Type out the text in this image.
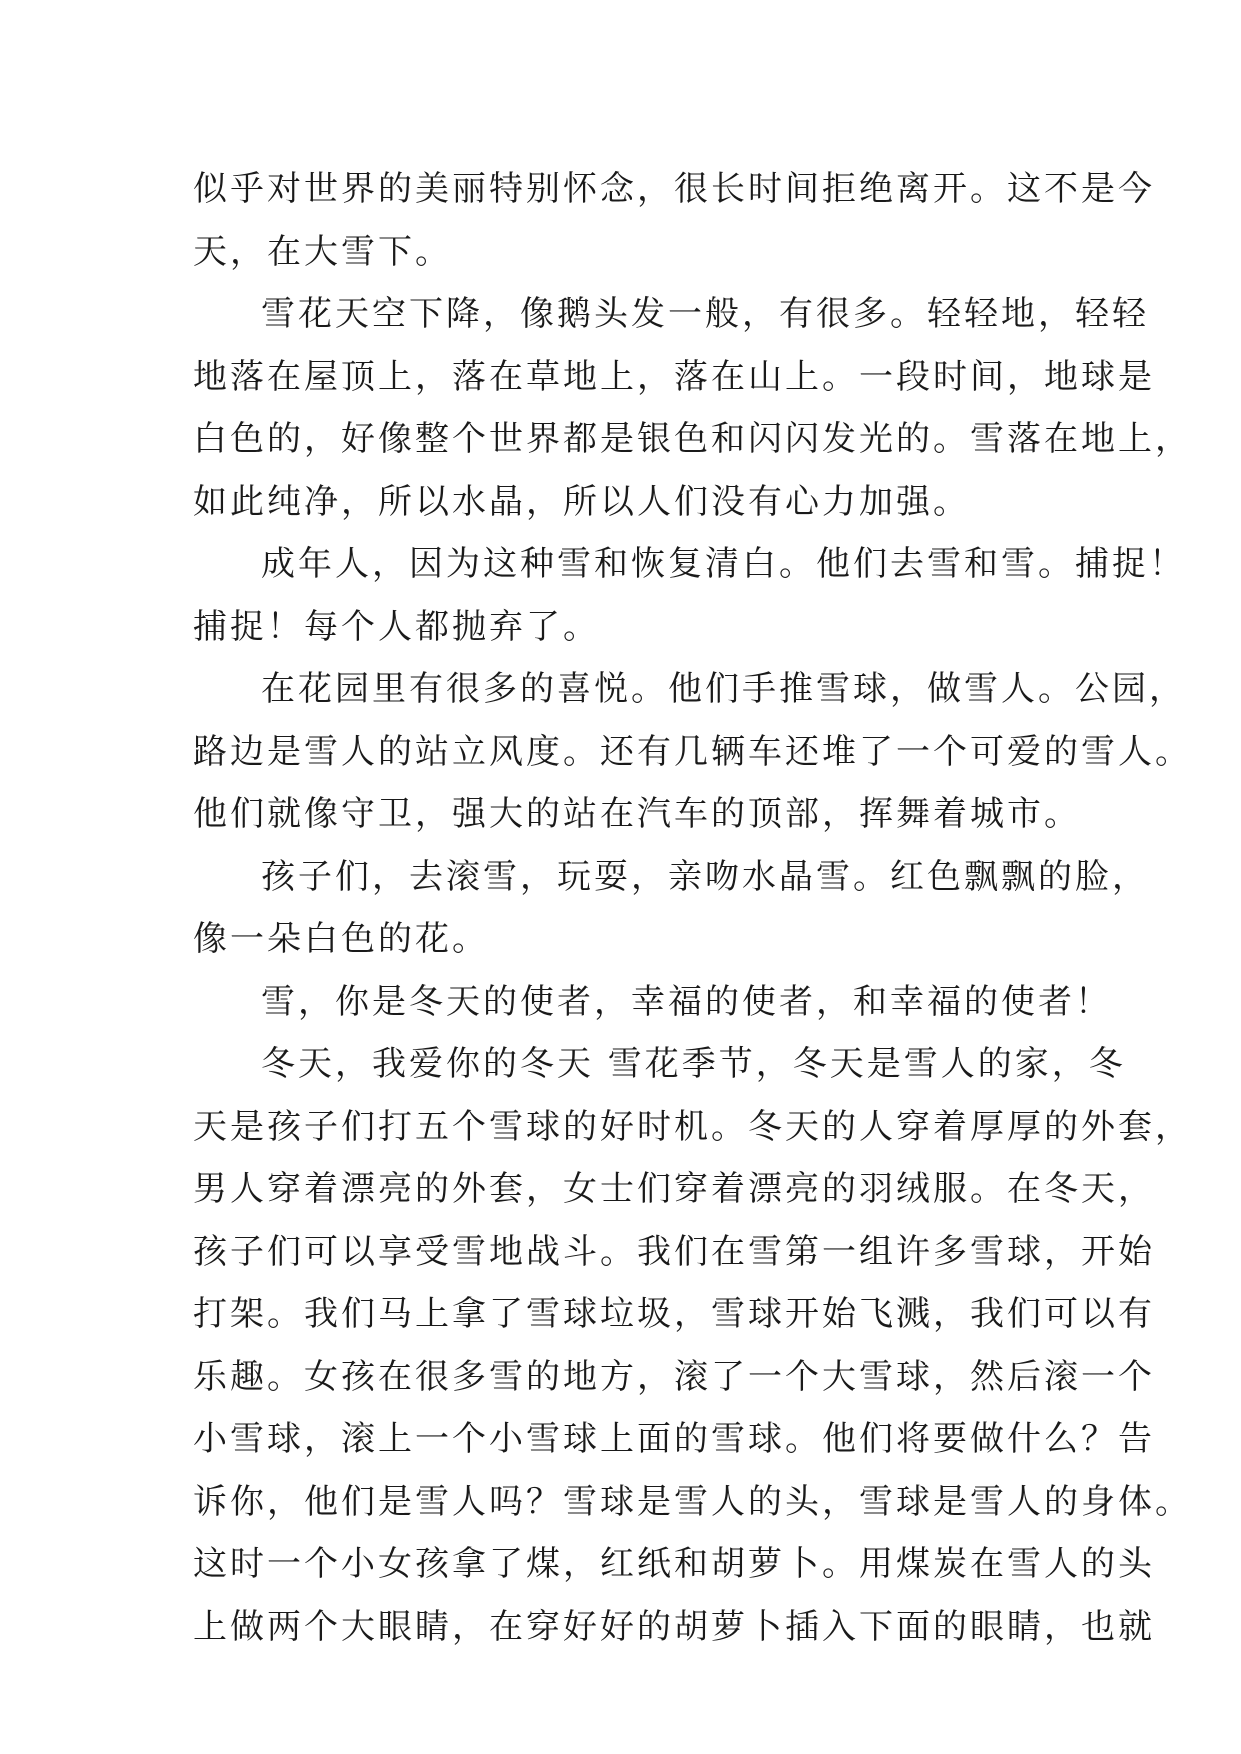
似乎对世界的美丽特别怀念，很长时间拒绝离开。这不是今
天，在大雪下。
雪花天空下降，像鹅头发一般，有很多。轻轻地，轻轻
地落在屋顶上，落在草地上，落在山上。一段时间，地球是
白色的，好像整个世界都是银色和闪闪发光的。雪落在地上，
如此纯净，所以水晶，所以人们没有心力加强。
成年人，因为这种雪和恢复清白。他们去雪和雪。捕捉！
捕捉！每个人都抛弃了。
在花园里有很多的喜悦。他们手推雪球，做雪人。公园，
路边是雪人的站立风度。还有几辆车还堆了一个可爱的雪人。
他们就像守卫，强大的站在汽车的顶部，挥舞着城市。
孩子们，去滚雪，玩耍，亲吻水晶雪。红色飘飘的脸，
像一朵白色的花。
雪，你是冬天的使者，幸福的使者，和幸福的使者！
冬天，我爱你的冬天 雪花季节，冬天是雪人的家，冬
天是孩子们打五个雪球的好时机。冬天的人穿着厚厚的外套，
男人穿着漂亮的外套，女士们穿着漂亮的羽绒服。在冬天，
孩子们可以享受雪地战斗。我们在雪第一组许多雪球，开始
打架。我们马上拿了雪球垃圾，雪球开始飞溅，我们可以有
乐趣。女孩在很多雪的地方，滚了一个大雪球，然后滚一个
小雪球，滚上一个小雪球上面的雪球。他们将要做什么？告
诉你，他们是雪人吗？雪球是雪人的头，雪球是雪人的身体。
这时一个小女孩拿了煤，红纸和胡萝卜。用煤炭在雪人的头
上做两个大眼睛，在穿好好的胡萝卜插入下面的眼睛，也就
